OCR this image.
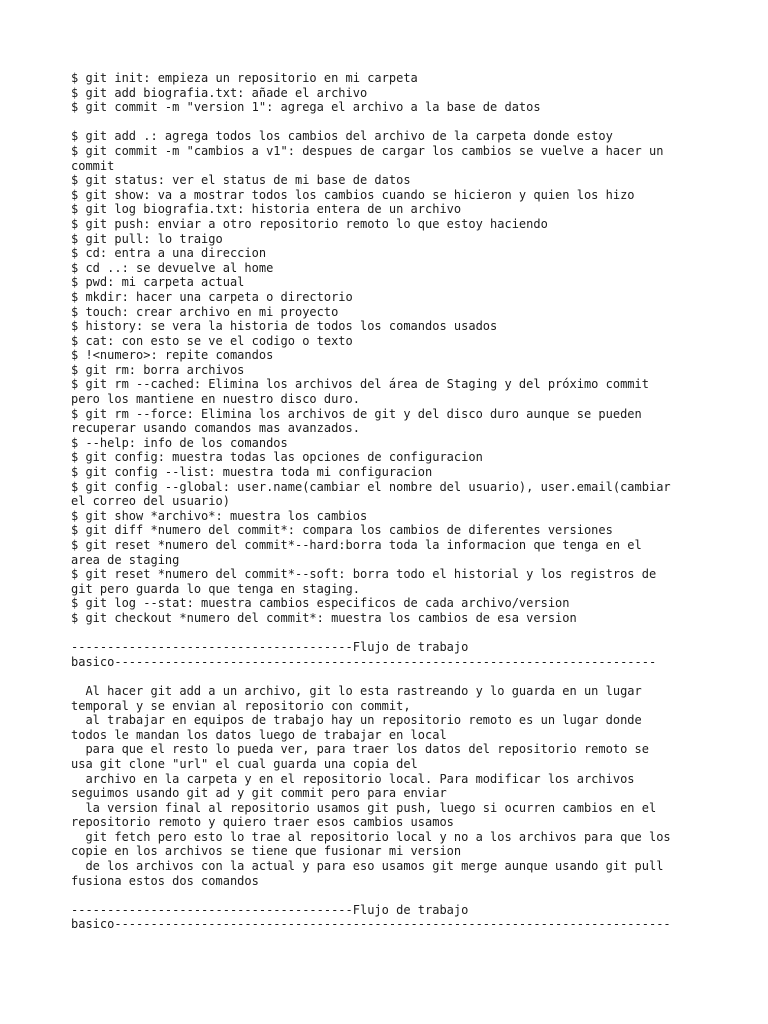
$ git init: empieza un repositorio en mi carpeta
$ git add biografia.txt: añade el archivo
$ git commit -m "version 1": agrega el archivo a la base de datos
$ git add .: agrega todos los cambios del archivo de la carpeta donde estoy
$ git commit -m "cambios a v1": despues de cargar los cambios se vuelve a hacer un
commit
$ git status: ver el status de mi base de datos
$ git show: va a mostrar todos los cambios cuando se hicieron y quien los hizo
$ git log biografia.txt: historia entera de un archivo
$ git push: enviar a otro repositorio remoto lo que estoy haciendo
$ git pull: lo traigo
$ cd: entra a una direccion
$ cd ..: se devuelve al home
$ pwd: mi carpeta actual
$ mkdir: hacer una carpeta o directorio
$ touch: crear archivo en mi proyecto
$ history: se vera la historia de todos los comandos usados
$ cat: con esto se ve el codigo o texto
$ !<numero>: repite comandos
$ git rm: borra archivos
$ git rm --cached: Elimina los archivos del área de Staging y del próximo commit
pero los mantiene en nuestro disco duro.
$ git rm --force: Elimina los archivos de git y del disco duro aunque se pueden
recuperar usando comandos mas avanzados.
$ --help: info de los comandos
$ git config: muestra todas las opciones de configuracion
$ git config --list: muestra toda mi configuracion
$ git config --global: user.name(cambiar el nombre del usuario), user.email(cambiar
el correo del usuario)
$ git show *archivo*: muestra los cambios
$ git diff *numero del commit*: compara los cambios de diferentes versiones
$ git reset *numero del commit*--hard:borra toda la informacion que tenga en el
area de staging
$ git reset *numero del commit*--soft: borra todo el historial y los registros de
git pero guarda lo que tenga en staging.
$ git log --stat: muestra cambios especificos de cada archivo/version
$ git checkout *numero del commit*: muestra los cambios de esa version
---------------------------------------Flujo de trabajo
basico---------------------------------------------------------------------------
Al hacer git add a un archivo, git lo esta rastreando y lo guarda en un lugar
temporal y se envian al repositorio con commit,
al trabajar en equipos de trabajo hay un repositorio remoto es un lugar donde
todos le mandan los datos luego de trabajar en local
para que el resto lo pueda ver, para traer los datos del repositorio remoto se
usa git clone "url" el cual guarda una copia del
archivo en la carpeta y en el repositorio local. Para modificar los archivos
seguimos usando git ad y git commit pero para enviar
la version final al repositorio usamos git push, luego si ocurren cambios en el
repositorio remoto y quiero traer esos cambios usamos
git fetch pero esto lo trae al repositorio local y no a los archivos para que los
copie en los archivos se tiene que fusionar mi version
de los archivos con la actual y para eso usamos git merge aunque usando git pull
fusiona estos dos comandos
---------------------------------------Flujo de trabajo
basico-----------------------------------------------------------------------------
